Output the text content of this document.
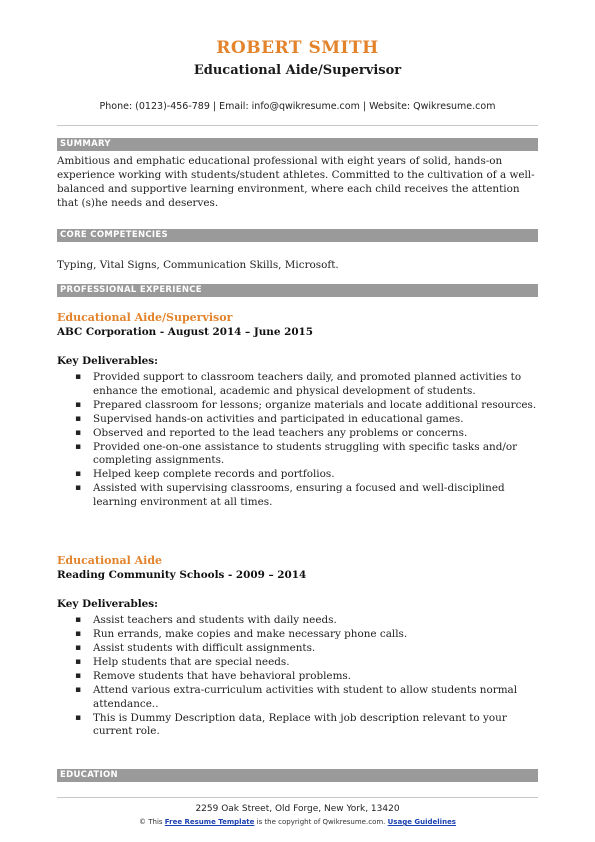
ROBERT SMITH
Educational Aide/Supervisor
Phone: (0123)-456-789 | Email: info@qwikresume.com | Website: Qwikresume.com
SUMMARY
Ambitious and emphatic educational professional with eight years of solid, hands-on experience working with students/student athletes. Committed to the cultivation of a well-balanced and supportive learning environment, where each child receives the attention that (s)he needs and deserves.
CORE COMPETENCIES
Typing, Vital Signs, Communication Skills, Microsoft.
PROFESSIONAL EXPERIENCE
Educational Aide/Supervisor
ABC Corporation - August 2014 – June 2015
Key Deliverables:
▪ Provided support to classroom teachers daily, and promoted planned activities to enhance the emotional, academic and physical development of students.
▪ Prepared classroom for lessons; organize materials and locate additional resources.
▪ Supervised hands-on activities and participated in educational games.
▪ Observed and reported to the lead teachers any problems or concerns.
▪ Provided one-on-one assistance to students struggling with specific tasks and/or completing assignments.
▪ Helped keep complete records and portfolios.
▪ Assisted with supervising classrooms, ensuring a focused and well-disciplined learning environment at all times.
Educational Aide
Reading Community Schools - 2009 – 2014
Key Deliverables:
▪ Assist teachers and students with daily needs.
▪ Run errands, make copies and make necessary phone calls.
▪ Assist students with difficult assignments.
▪ Help students that are special needs.
▪ Remove students that have behavioral problems.
▪ Attend various extra-curriculum activities with student to allow students normal attendance..
▪ This is Dummy Description data, Replace with job description relevant to your current role.
EDUCATION
2259 Oak Street, Old Forge, New York, 13420
© This Free Resume Template is the copyright of Qwikresume.com. Usage Guidelines
